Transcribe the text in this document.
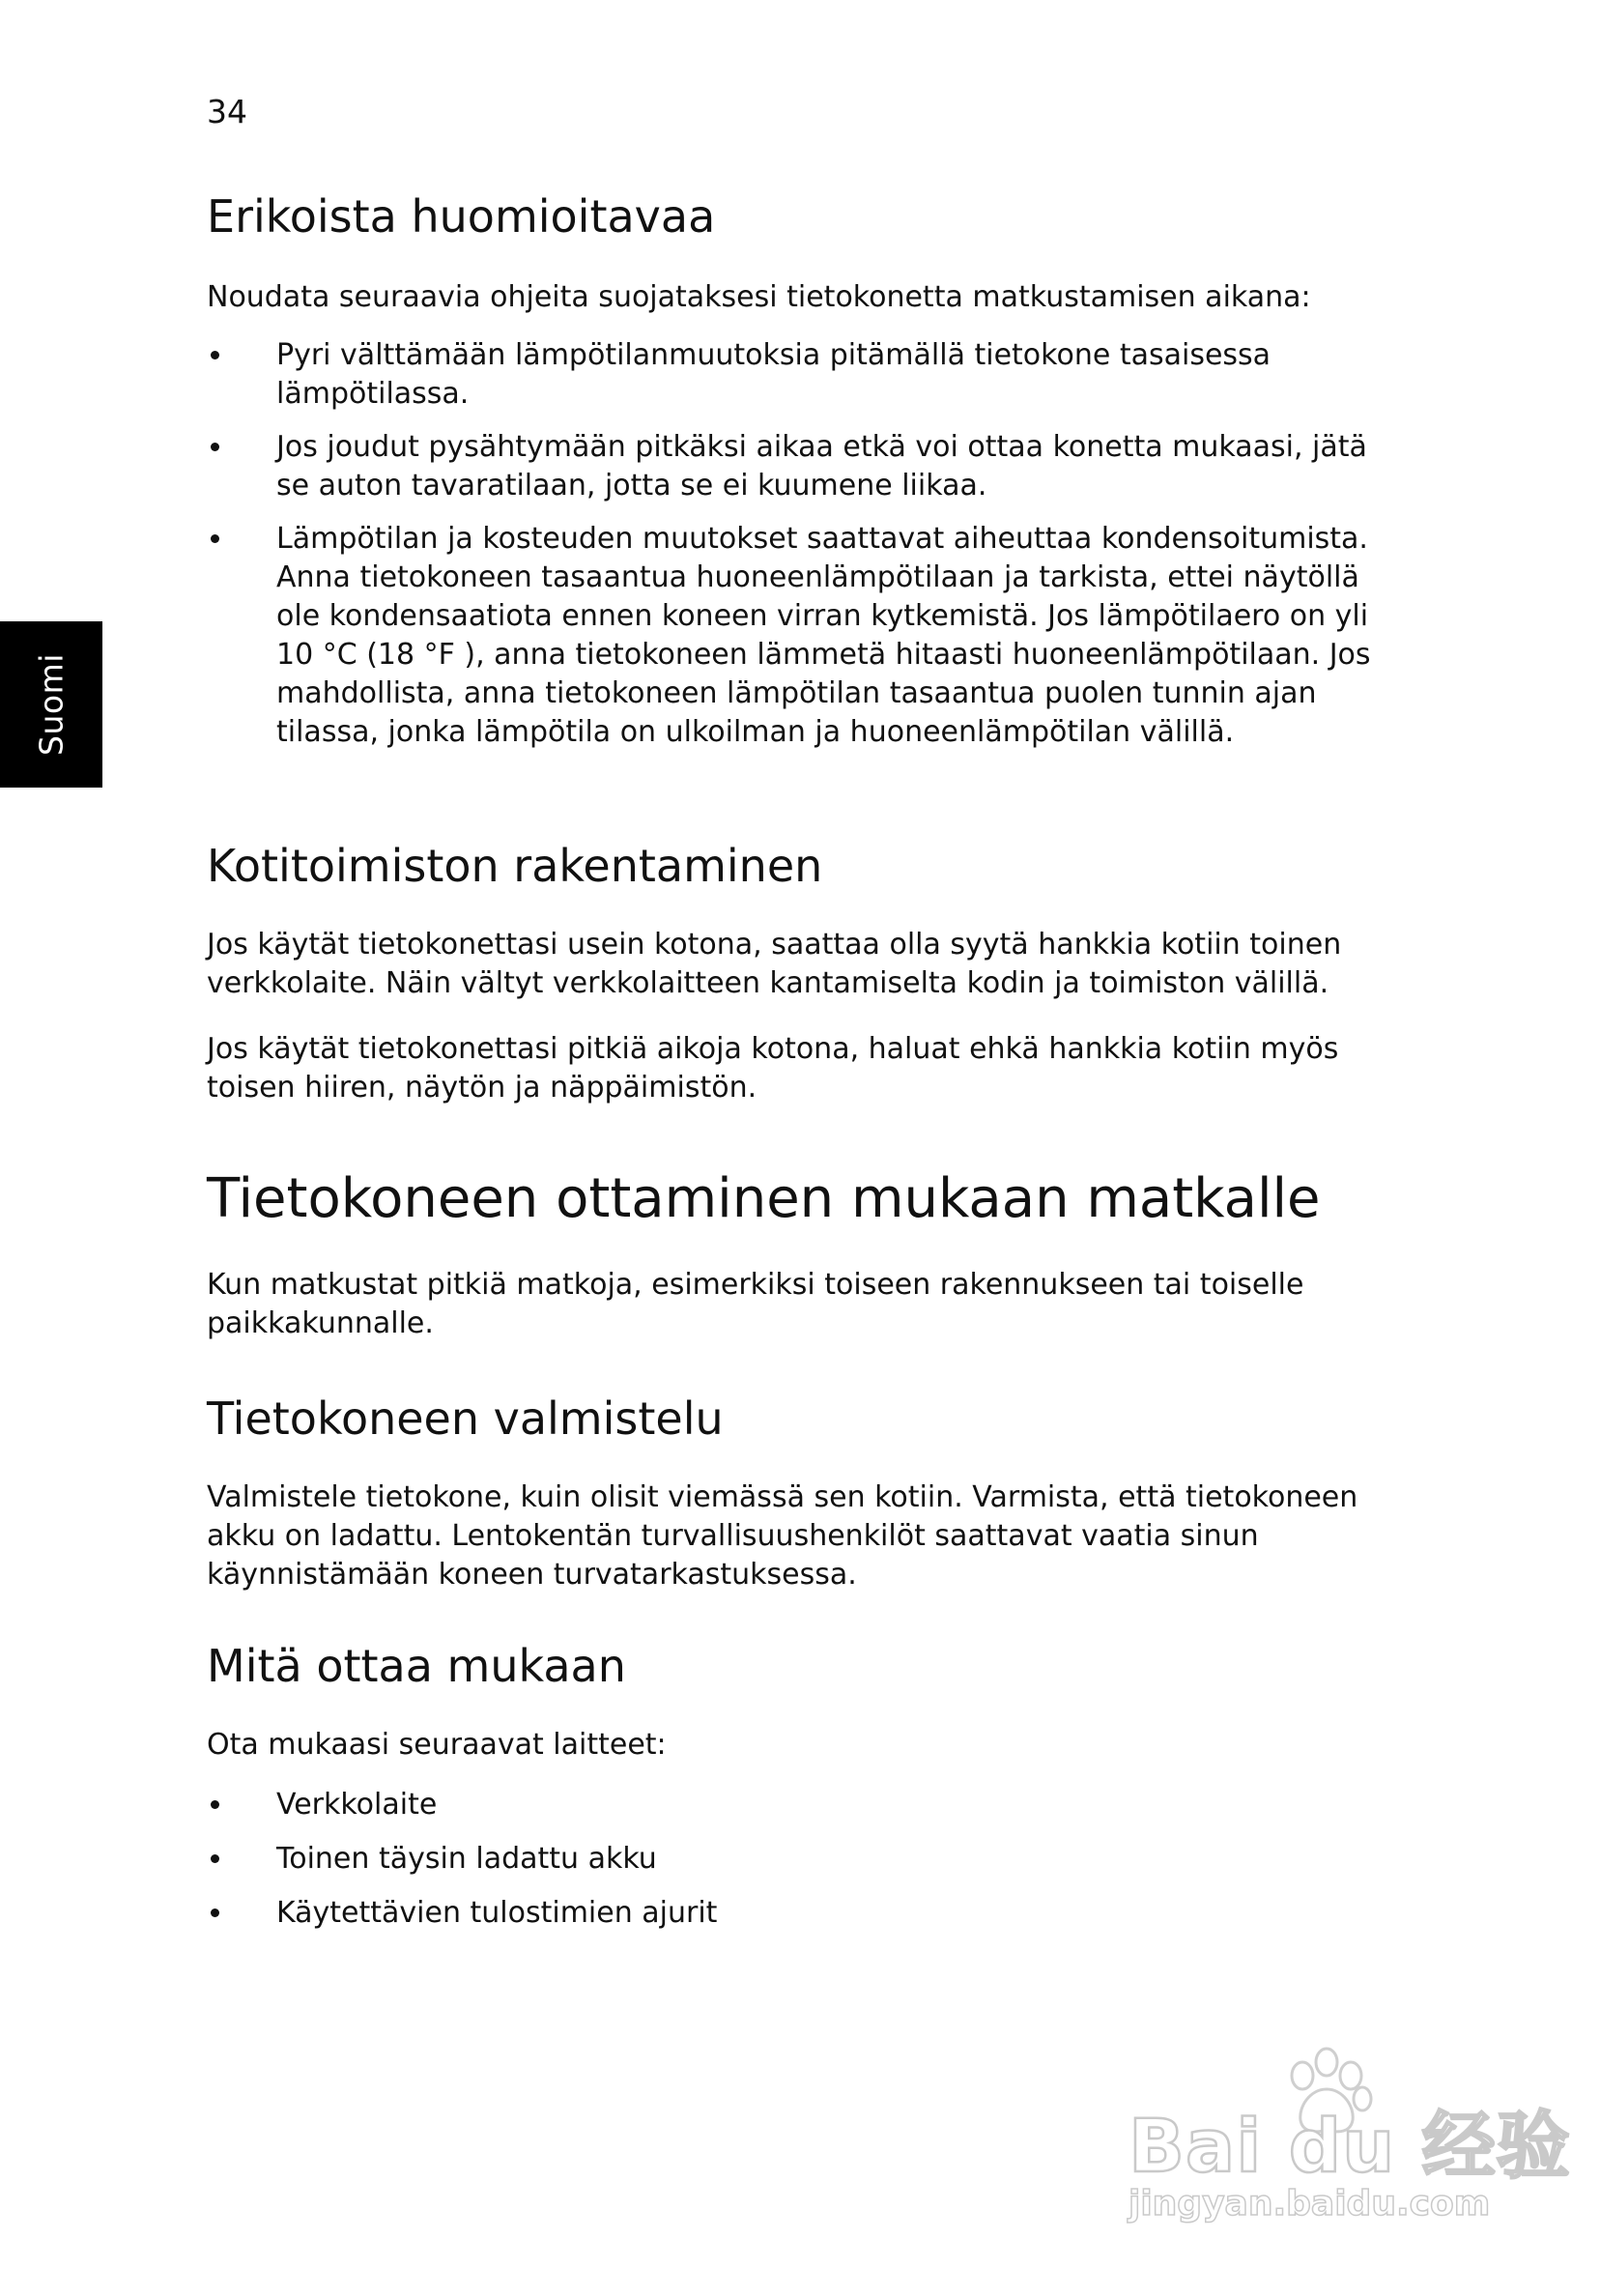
34
Suomi
Erikoista huomioitavaa

Noudata seuraavia ohjeita suojataksesi tietokonetta matkustamisen aikana:

Pyri välttämään lämpötilanmuutoksia pitämällä tietokone tasaisessa lämpötilassa.
Jos joudut pysähtymään pitkäksi aikaa etkä voi ottaa konetta mukaasi, jätä se auton tavaratilaan, jotta se ei kuumene liikaa.
Lämpötilan ja kosteuden muutokset saattavat aiheuttaa kondensoitumista. Anna tietokoneen tasaantua huoneenlämpötilaan ja tarkista, ettei näytöllä ole kondensaatiota ennen koneen virran kytkemistä. Jos lämpötilaero on yli 10 °C (18 °F ), anna tietokoneen lämmetä hitaasti huoneenlämpötilaan. Jos mahdollista, anna tietokoneen lämpötilan tasaantua puolen tunnin ajan tilassa, jonka lämpötila on ulkoilman ja huoneenlämpötilan välillä.
Kotitoimiston rakentaminen

Jos käytät tietokonettasi usein kotona, saattaa olla syytä hankkia kotiin toinen verkkolaite. Näin vältyt verkkolaitteen kantamiselta kodin ja toimiston välillä.

Jos käytät tietokonettasi pitkiä aikoja kotona, haluat ehkä hankkia kotiin myös toisen hiiren, näytön ja näppäimistön.

Tietokoneen ottaminen mukaan matkalle

Kun matkustat pitkiä matkoja, esimerkiksi toiseen rakennukseen tai toiselle paikkakunnalle.

Tietokoneen valmistelu

Valmistele tietokone, kuin olisit viemässä sen kotiin. Varmista, että tietokoneen akku on ladattu. Lentokentän turvallisuushenkilöt saattavat vaatia sinun käynnistämään koneen turvatarkastuksessa.

Mitä ottaa mukaan

Ota mukaasi seuraavat laitteet:

Verkkolaite
Toinen täysin ladattu akku
Käytettävien tulostimien ajurit
Bai du 经验
jingyan.baidu.com
